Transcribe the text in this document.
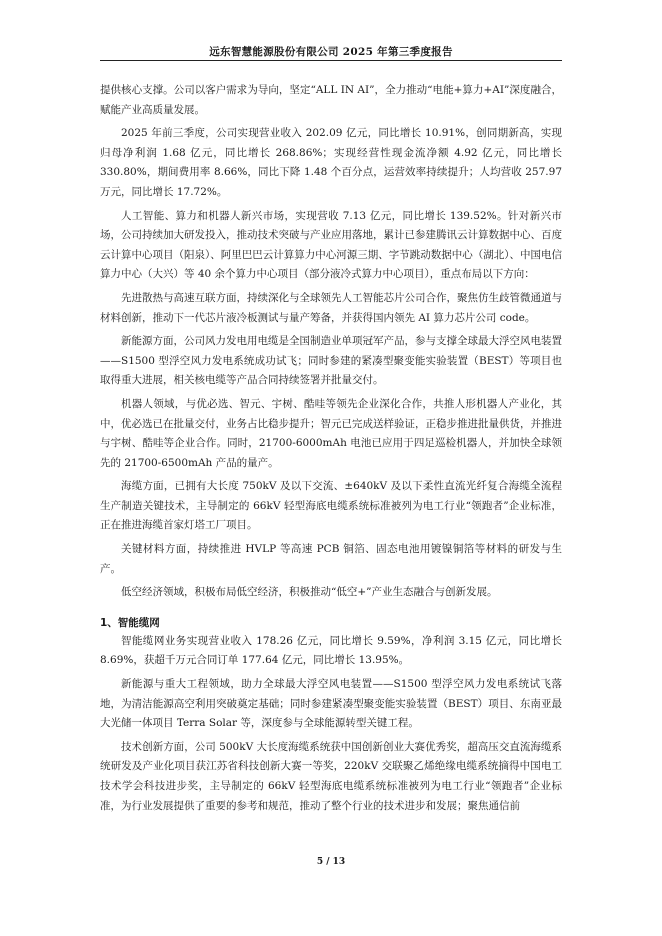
远东智慧能源股份有限公司 2025 年第三季度报告

提供核心支撑。公司以客户需求为导向，坚定“ALL IN AI”，全力推动“电能+算力+AI”深度融合，赋能产业高质量发展。

2025 年前三季度，公司实现营业收入 202.09 亿元，同比增长 10.91%，创同期新高，实现归母净利润 1.68 亿元，同比增长 268.86%；实现经营性现金流净额 4.92 亿元，同比增长 330.80%，期间费用率 8.66%，同比下降 1.48 个百分点，运营效率持续提升；人均营收 257.97 万元，同比增长 17.72%。

人工智能、算力和机器人新兴市场，实现营收 7.13 亿元，同比增长 139.52%。针对新兴市场，公司持续加大研发投入，推动技术突破与产业应用落地，累计已参建腾讯云计算数据中心、百度云计算中心项目（阳泉）、阿里巴巴云计算算力中心河源三期、字节跳动数据中心（湖北）、中国电信算力中心（大兴）等 40 余个算力中心项目（部分液冷式算力中心项目），重点布局以下方向：

先进散热与高速互联方面，持续深化与全球领先人工智能芯片公司合作，聚焦仿生歧管微通道与材料创新，推动下一代芯片液冷板测试与量产筹备，并获得国内领先 AI 算力芯片公司 code。

新能源方面，公司风力发电用电缆是全国制造业单项冠军产品，参与支撑全球最大浮空风电装置——S1500 型浮空风力发电系统成功试飞；同时参建的紧凑型聚变能实验装置（BEST）等项目也取得重大进展，相关核电缆等产品合同持续签署并批量交付。

机器人领域，与优必选、智元、宇树、酷哇等领先企业深化合作，共推人形机器人产业化，其中，优必选已在批量交付，业务占比稳步提升；智元已完成送样验证，正稳步推进批量供货，并推进与宇树、酷哇等企业合作。同时，21700-6000mAh 电池已应用于四足巡检机器人，并加快全球领先的 21700-6500mAh 产品的量产。

海缆方面，已拥有大长度 750kV 及以下交流、±640kV 及以下柔性直流光纤复合海缆全流程生产制造关键技术，主导制定的 66kV 轻型海底电缆系统标准被列为电工行业“领跑者”企业标准，正在推进海缆首家灯塔工厂项目。

关键材料方面，持续推进 HVLP 等高速 PCB 铜箔、固态电池用镀镍铜箔等材料的研发与生产。

低空经济领域，积极布局低空经济，积极推动“低空+”产业生态融合与创新发展。

1、智能缆网

智能缆网业务实现营业收入 178.26 亿元，同比增长 9.59%，净利润 3.15 亿元，同比增长 8.69%，获超千万元合同订单 177.64 亿元，同比增长 13.95%。

新能源与重大工程领域，助力全球最大浮空风电装置——S1500 型浮空风力发电系统试飞落地，为清洁能源高空利用突破奠定基础；同时参建紧凑型聚变能实验装置（BEST）项目、东南亚最大光储一体项目 Terra Solar 等，深度参与全球能源转型关键工程。

技术创新方面，公司 500kV 大长度海缆系统获中国创新创业大赛优秀奖，超高压交直流海缆系统研发及产业化项目获江苏省科技创新大赛一等奖，220kV 交联聚乙烯绝缘电缆系统摘得中国电工技术学会科技进步奖，主导制定的 66kV 轻型海底电缆系统标准被列为电工行业“领跑者”企业标准，为行业发展提供了重要的参考和规范，推动了整个行业的技术进步和发展；聚焦通信前

5 / 13
